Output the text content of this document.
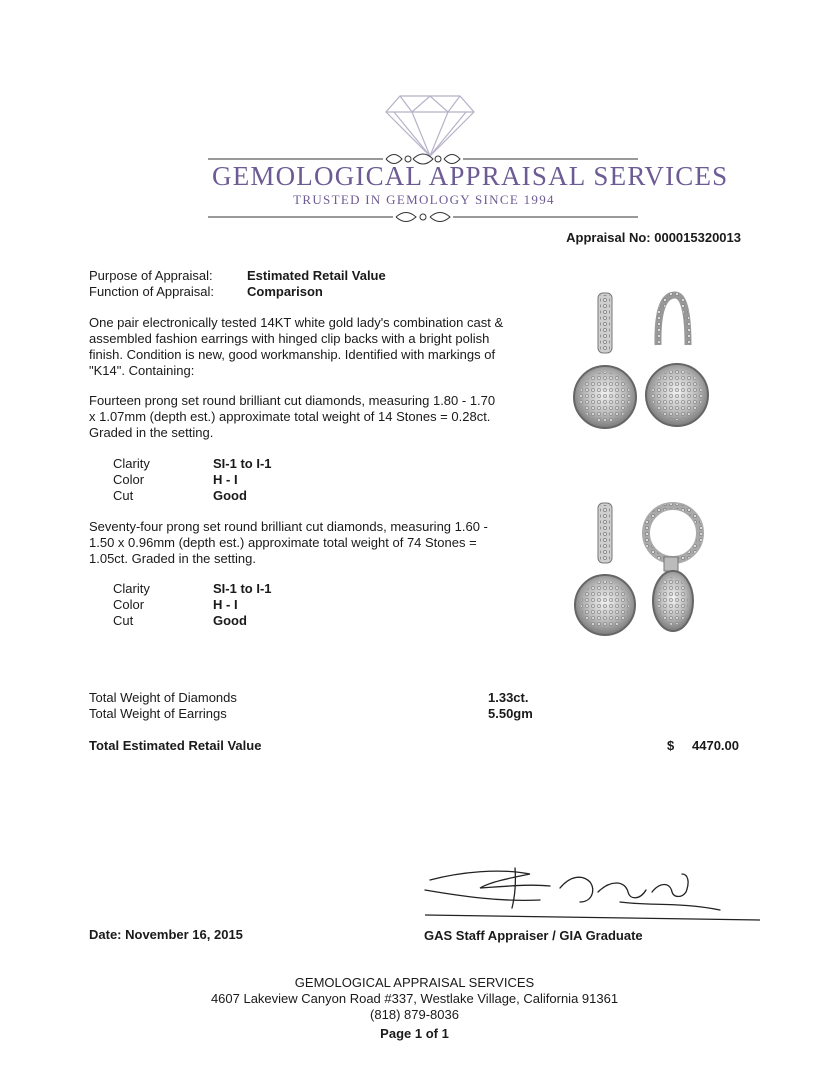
GEMOLOGICAL APPRAISAL SERVICES
TRUSTED IN GEMOLOGY SINCE 1994
Appraisal No: 000015320013
Purpose of Appraisal:	Estimated Retail Value
Function of Appraisal:	Comparison
One pair electronically tested 14KT white gold lady's combination cast & assembled fashion earrings with hinged clip backs with a bright polish finish. Condition is new, good workmanship. Identified with markings of "K14". Containing:
Fourteen prong set round brilliant cut diamonds, measuring 1.80 - 1.70 x 1.07mm (depth est.) approximate total weight of 14 Stones = 0.28ct. Graded in the setting.
Clarity	SI-1 to I-1
Color	H - I
Cut	Good
Seventy-four prong set round brilliant cut diamonds, measuring 1.60 - 1.50 x 0.96mm (depth est.) approximate total weight of 74 Stones = 1.05ct. Graded in the setting.
Clarity	SI-1 to I-1
Color	H - I
Cut	Good
Total Weight of Diamonds	1.33ct.
Total Weight of Earrings	5.50gm
Total Estimated Retail Value	$ 4470.00
Date: November 16, 2015	GAS Staff Appraiser / GIA Graduate
GEMOLOGICAL APPRAISAL SERVICES
4607 Lakeview Canyon Road #337, Westlake Village, California 91361
(818) 879-8036
Page 1 of 1
